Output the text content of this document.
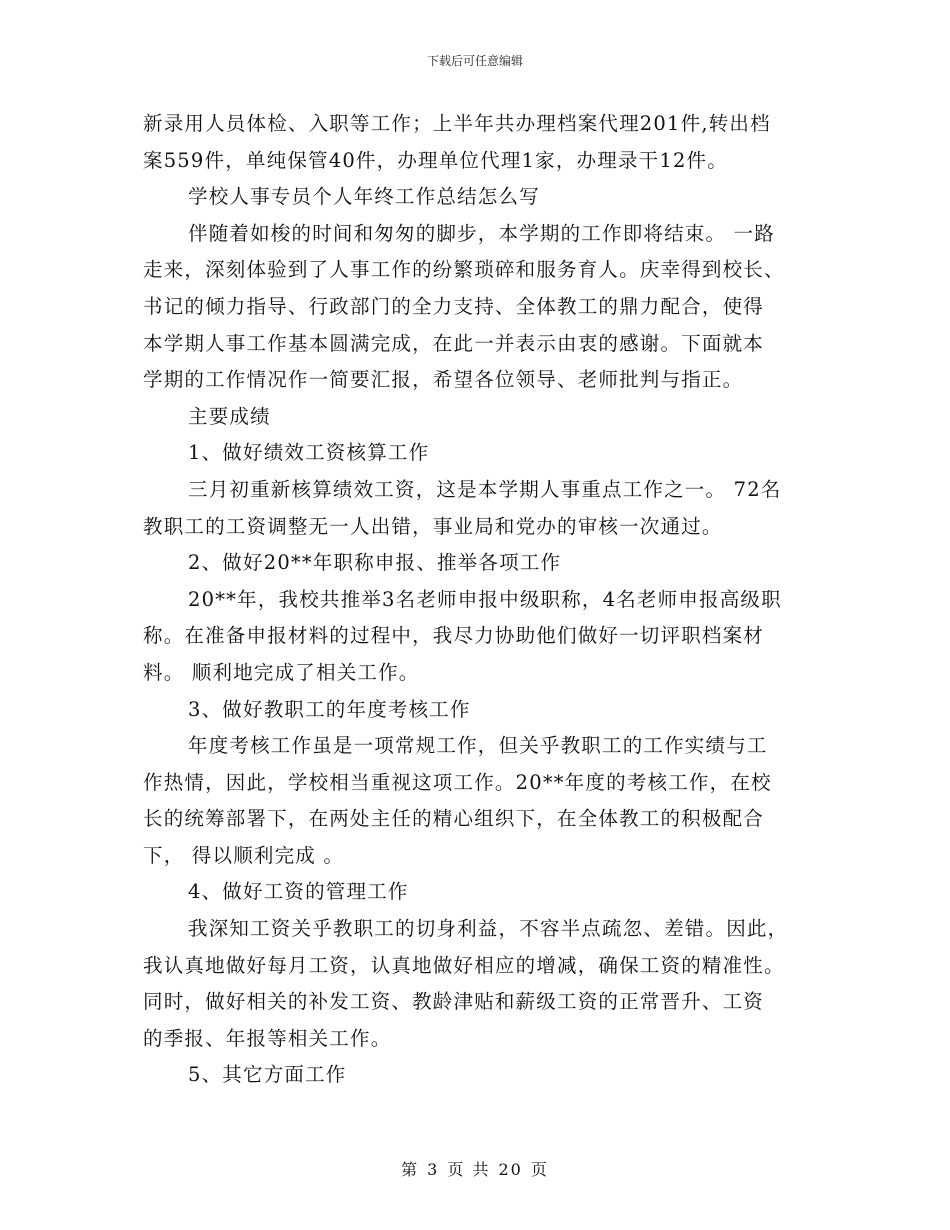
下载后可任意编辑
新录用人员体检、入职等工作；上半年共办理档案代理201件,转出档
案559件，单纯保管40件，办理单位代理1家，办理录干12件。
学校人事专员个人年终工作总结怎么写
伴随着如梭的时间和匆匆的脚步，本学期的工作即将结束。 一路
走来，深刻体验到了人事工作的纷繁琐碎和服务育人。庆幸得到校长、
书记的倾力指导、行政部门的全力支持、全体教工的鼎力配合，使得
本学期人事工作基本圆满完成，在此一并表示由衷的感谢。下面就本
学期的工作情况作一简要汇报，希望各位领导、老师批判与指正。
主要成绩
1、做好绩效工资核算工作
三月初重新核算绩效工资，这是本学期人事重点工作之一。 72名
教职工的工资调整无一人出错，事业局和党办的审核一次通过。
2、做好20**年职称申报、推举各项工作
20**年，我校共推举3名老师申报中级职称，4名老师申报高级职
称。在准备申报材料的过程中，我尽力协助他们做好一切评职档案材
料。 顺利地完成了相关工作。
3、做好教职工的年度考核工作
年度考核工作虽是一项常规工作，但关乎教职工的工作实绩与工
作热情，因此，学校相当重视这项工作。20**年度的考核工作，在校
长的统筹部署下，在两处主任的精心组织下，在全体教工的积极配合
下， 得以顺利完成 。
4、做好工资的管理工作
我深知工资关乎教职工的切身利益，不容半点疏忽、差错。因此，
我认真地做好每月工资，认真地做好相应的增减，确保工资的精准性。
同时，做好相关的补发工资、教龄津贴和薪级工资的正常晋升、工资
的季报、年报等相关工作。
5、其它方面工作
第 3 页 共 20 页
